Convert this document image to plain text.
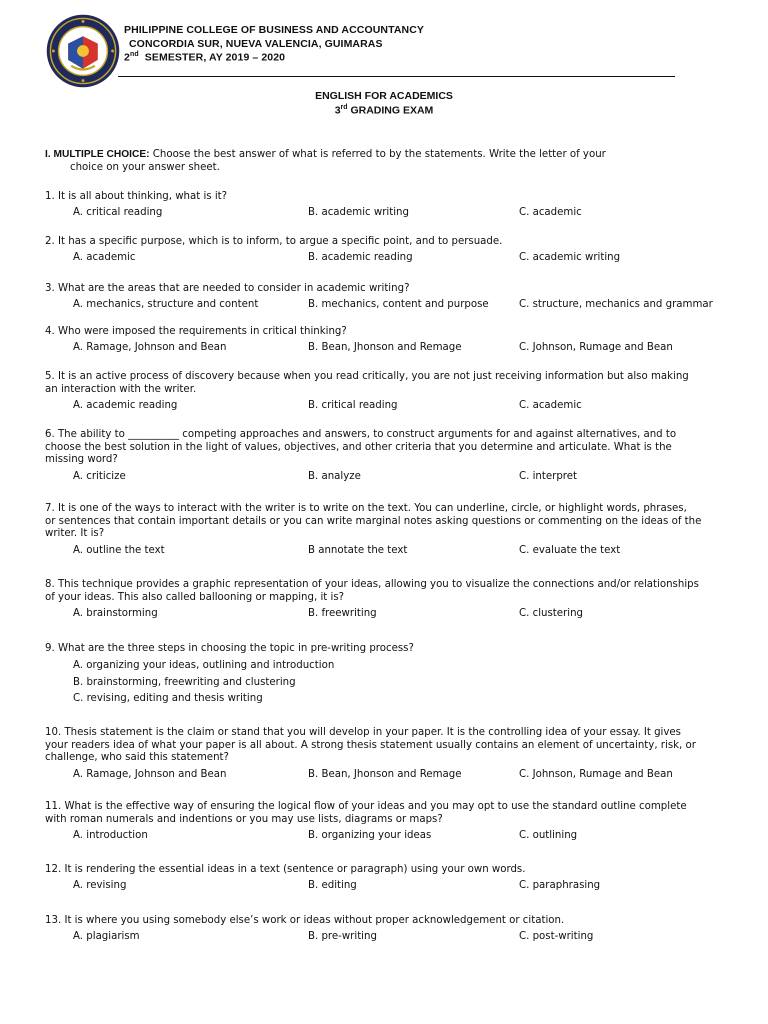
PHILIPPINE COLLEGE OF BUSINESS AND ACCOUNTANCY
CONCORDIA SUR, NUEVA VALENCIA, GUIMARAS
2nd SEMESTER, AY 2019 – 2020
ENGLISH FOR ACADEMICS
3rd GRADING EXAM
I. MULTIPLE CHOICE: Choose the best answer of what is referred to by the statements. Write the letter of your
choice on your answer sheet.
1. It is all about thinking, what is it?
A. critical reading	B. academic writing	C. academic
2. It has a specific purpose, which is to inform, to argue a specific point, and to persuade.
A. academic	B. academic reading	C. academic writing
3. What are the areas that are needed to consider in academic writing?
A. mechanics, structure and content	B. mechanics, content and purpose	C. structure, mechanics and grammar
4. Who were imposed the requirements in critical thinking?
A. Ramage, Johnson and Bean	B. Bean, Jhonson and Remage	C. Johnson, Rumage and Bean
5. It is an active process of discovery because when you read critically, you are not just receiving information but also making
an interaction with the writer.
A. academic reading	B. critical reading	C. academic
6. The ability to __________ competing approaches and answers, to construct arguments for and against alternatives, and to
choose the best solution in the light of values, objectives, and other criteria that you determine and articulate. What is the
missing word?
A. criticize	B. analyze	C. interpret
7. It is one of the ways to interact with the writer is to write on the text. You can underline, circle, or highlight words, phrases,
or sentences that contain important details or you can write marginal notes asking questions or commenting on the ideas of the
writer. It is?
A. outline the text	B annotate the text	C. evaluate the text
8. This technique provides a graphic representation of your ideas, allowing you to visualize the connections and/or relationships
of your ideas. This also called ballooning or mapping, it is?
A. brainstorming	B. freewriting	C. clustering
9. What are the three steps in choosing the topic in pre-writing process?
A. organizing your ideas, outlining and introduction
B. brainstorming, freewriting and clustering
C. revising, editing and thesis writing
10. Thesis statement is the claim or stand that you will develop in your paper. It is the controlling idea of your essay. It gives
your readers idea of what your paper is all about. A strong thesis statement usually contains an element of uncertainty, risk, or
challenge, who said this statement?
A. Ramage, Johnson and Bean	B. Bean, Jhonson and Remage	C. Johnson, Rumage and Bean
11. What is the effective way of ensuring the logical flow of your ideas and you may opt to use the standard outline complete
with roman numerals and indentions or you may use lists, diagrams or maps?
A. introduction	B. organizing your ideas	C. outlining
12. It is rendering the essential ideas in a text (sentence or paragraph) using your own words.
A. revising	B. editing	C. paraphrasing
13. It is where you using somebody else’s work or ideas without proper acknowledgement or citation.
A. plagiarism	B. pre-writing	C. post-writing
